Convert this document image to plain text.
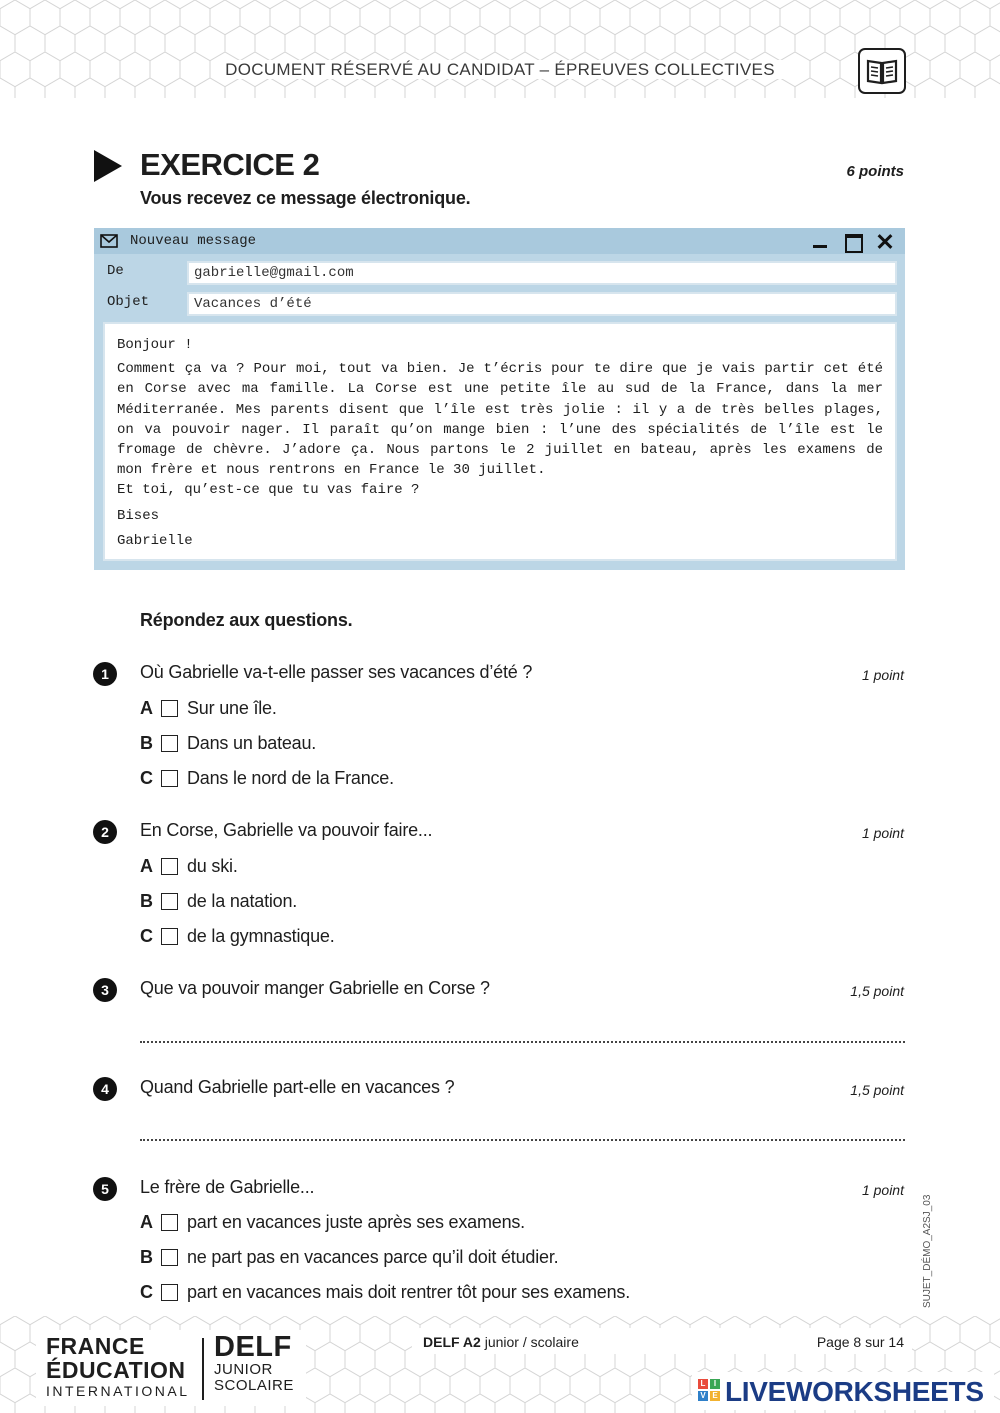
DOCUMENT RÉSERVÉ AU CANDIDAT – ÉPREUVES COLLECTIVES
EXERCICE 2	6 points
Vous recevez ce message électronique.
Nouveau message
De	gabrielle@gmail.com
Objet	Vacances d’été
Bonjour !
Comment ça va ? Pour moi, tout va bien. Je t’écris pour te dire que je vais partir cet été en Corse avec ma famille. La Corse est une petite île au sud de la France, dans la mer Méditerranée. Mes parents disent que l’île est très jolie : il y a de très belles plages, on va pouvoir nager. Il paraît qu’on mange bien : l’une des spécialités de l’île est le fromage de chèvre. J’adore ça. Nous partons le 2 juillet en bateau, après les examens de mon frère et nous rentrons en France le 30 juillet.
Et toi, qu’est-ce que tu vas faire ?
Bises
Gabrielle
Répondez aux questions.
1	Où Gabrielle va-t-elle passer ses vacances d’été ?	1 point
A Sur une île.
B Dans un bateau.
C Dans le nord de la France.
2	En Corse, Gabrielle va pouvoir faire...	1 point
A du ski.
B de la natation.
C de la gymnastique.
3	Que va pouvoir manger Gabrielle en Corse ?	1,5 point
4	Quand Gabrielle part-elle en vacances ?	1,5 point
5	Le frère de Gabrielle...	1 point
A part en vacances juste après ses examens.
B ne part pas en vacances parce qu’il doit étudier.
C part en vacances mais doit rentrer tôt pour ses examens.	SUJET_DÉMO_A2SJ_03
FRANCE
ÉDUCATION
INTERNATIONAL
DELF
JUNIOR
SCOLAIRE
DELF A2 junior / scolaire	Page 8 sur 14
L	I
V E LIVEWORKSHEETS
